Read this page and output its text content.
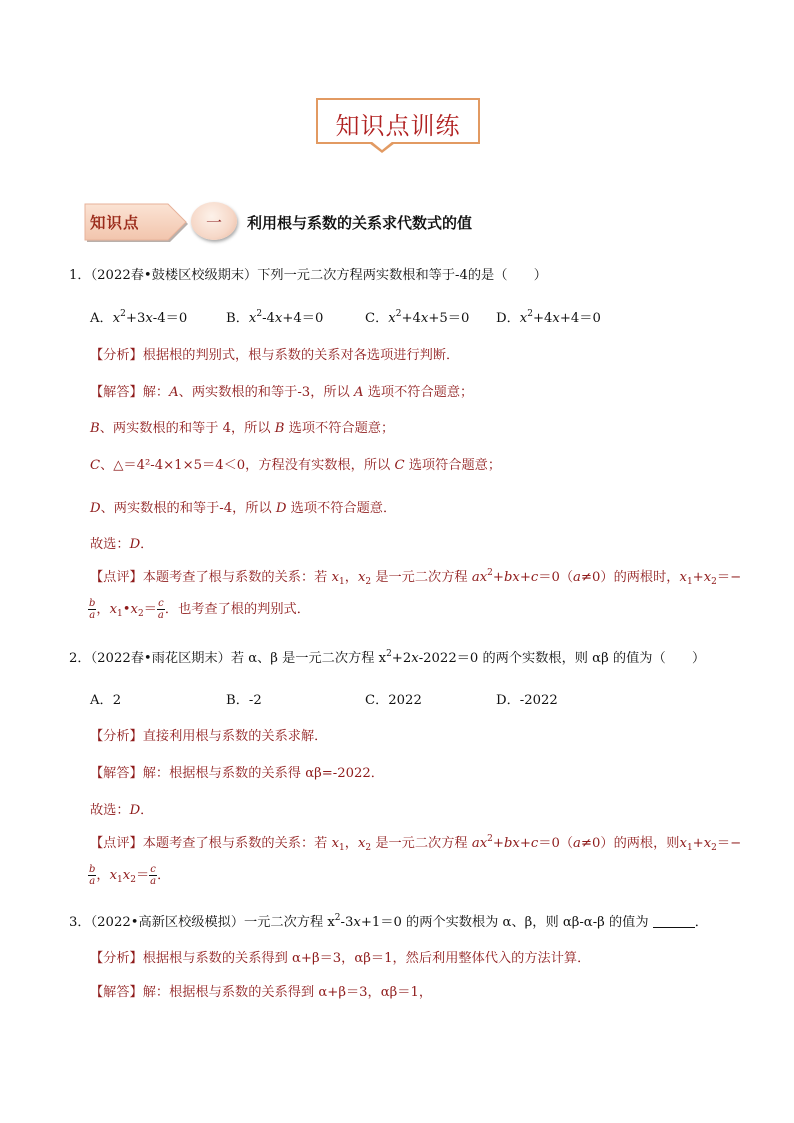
知识点训练
知识点	一	利用根与系数的关系求代数式的值
1．（2022春•鼓楼区校级期末）下列一元二次方程两实数根和等于-4的是（　　）
A．$x^2+3x-4=0$	B．$x^2-4x+4=0$	C．$x^2+4x+5=0$ D．$x^2+4x+4=0$
【分析】根据根的判别式，根与系数的关系对各选项进行判断．
【解答】解：A、两实数根的和等于-3，所以 A 选项不符合题意；
B、两实数根的和等于 4，所以 B 选项不符合题意；
C、△＝4²-4×1×5＝4＜0，方程没有实数根，所以 C 选项符合题意；
D、两实数根的和等于-4，所以 D 选项不符合题意．
故选：D．
【点评】本题考查了根与系数的关系：若 $x_1$，$x_2$ 是一元二次方程 $ax^2+bx+c=0(a\ne 0)$的两根时，$x_1+x_2=-$
$\frac{b}{a}$ ，$x_1•x_2= \frac{c}{a}$ ．也考查了根的判别式．
2．（2022春•雨花区期末）若 α、β 是一元二次方程 $x^2+2x-2022=0$ 的两个实数根，则 αβ 的值为（　　）
A．2	B．-2	C．2022	D．-2022
【分析】直接利用根与系数的关系求解．
【解答】解：根据根与系数的关系得 αβ=-2022．
故选：D．
【点评】本题考查了根与系数的关系：若 $x_1$，$x_2$ 是一元二次方程 $ax^2+bx+c=0(a\ne 0)$的两根，则$x_1+x_2=-$
$\frac{b}{a}$ ，$x_1x_2= \frac{c}{a}$ ．
3．（2022•高新区校级模拟）一元二次方程 $x^2-3x+1=0$ 的两个实数根为 α、β，则 αβ-α-β 的值为	．
【分析】根据根与系数的关系得到 α+β＝3，αβ＝1，然后利用整体代入的方法计算．
【解答】解：根据根与系数的关系得到 α+β＝3，αβ＝1，
